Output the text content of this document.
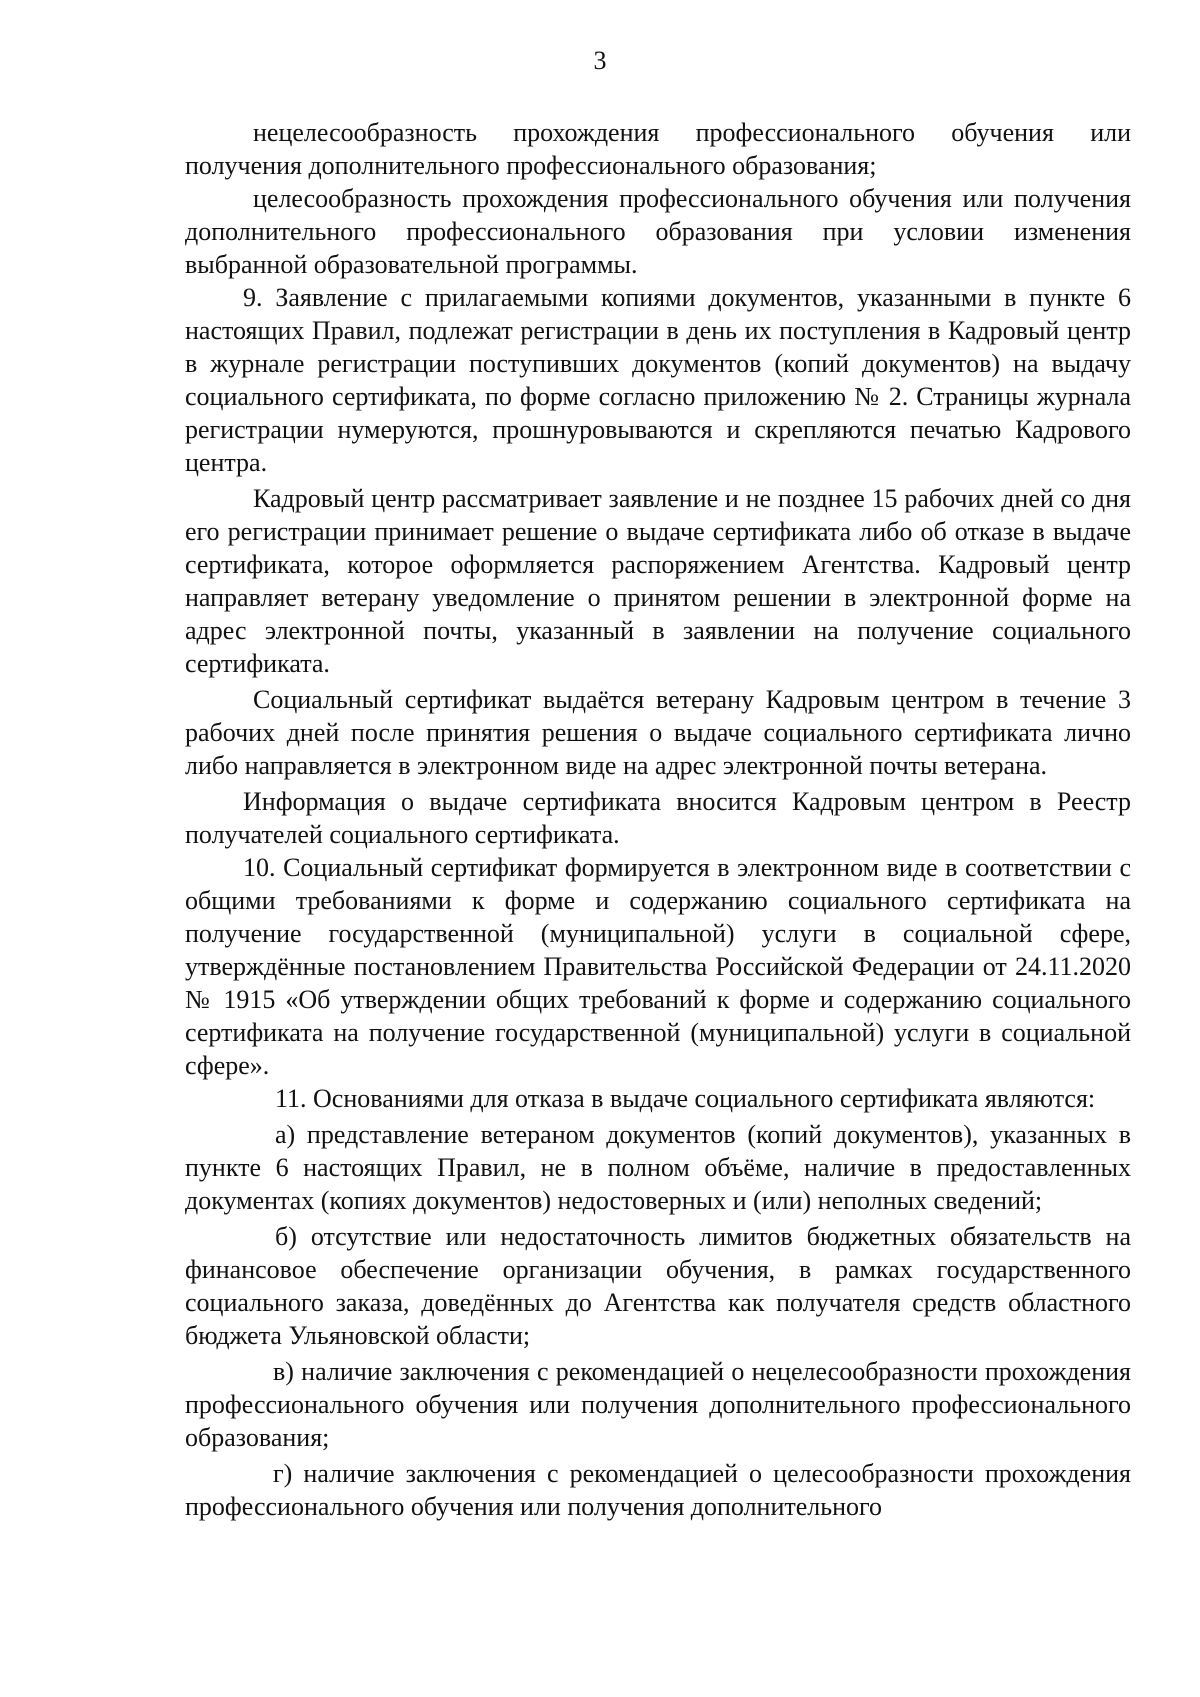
3

нецелесообразность прохождения профессионального обучения или получения дополнительного профессионального образования;

целесообразность прохождения профессионального обучения или получения дополнительного профессионального образования при условии изменения выбранной образовательной программы.

9. Заявление с прилагаемыми копиями документов, указанными в пункте 6 настоящих Правил, подлежат регистрации в день их поступления в Кадровый центр в журнале регистрации поступивших документов (копий документов) на выдачу социального сертификата, по форме согласно приложению № 2. Страницы журнала регистрации нумеруются, прошнуровываются и скрепляются печатью Кадрового центра.

Кадровый центр рассматривает заявление и не позднее 15 рабочих дней со дня его регистрации принимает решение о выдаче сертификата либо об отказе в выдаче сертификата, которое оформляется распоряжением Агентства. Кадровый центр направляет ветерану уведомление о принятом решении в электронной форме на адрес электронной почты, указанный в заявлении на получение социального сертификата.

Социальный сертификат выдаётся ветерану Кадровым центром в течение 3 рабочих дней после принятия решения о выдаче социального сертификата лично либо направляется в электронном виде на адрес электронной почты ветерана.

Информация о выдаче сертификата вносится Кадровым центром в Реестр получателей социального сертификата.

10. Социальный сертификат формируется в электронном виде в соответствии с общими требованиями к форме и содержанию социального сертификата на получение государственной (муниципальной) услуги в социальной сфере, утверждённые постановлением Правительства Российской Федерации от 24.11.2020 № 1915 «Об утверждении общих требований к форме и содержанию социального сертификата на получение государственной (муниципальной) услуги в социальной сфере».

11. Основаниями для отказа в выдаче социального сертификата являются:

а) представление ветераном документов (копий документов), указанных в пункте 6 настоящих Правил, не в полном объёме, наличие в предоставленных документах (копиях документов) недостоверных и (или) неполных сведений;

б) отсутствие или недостаточность лимитов бюджетных обязательств на финансовое обеспечение организации обучения, в рамках государственного социального заказа, доведённых до Агентства как получателя средств областного бюджета Ульяновской области;

в) наличие заключения с рекомендацией о нецелесообразности прохождения профессионального обучения или получения дополнительного профессионального образования;

г) наличие заключения с рекомендацией о целесообразности прохождения профессионального обучения или получения дополнительного
